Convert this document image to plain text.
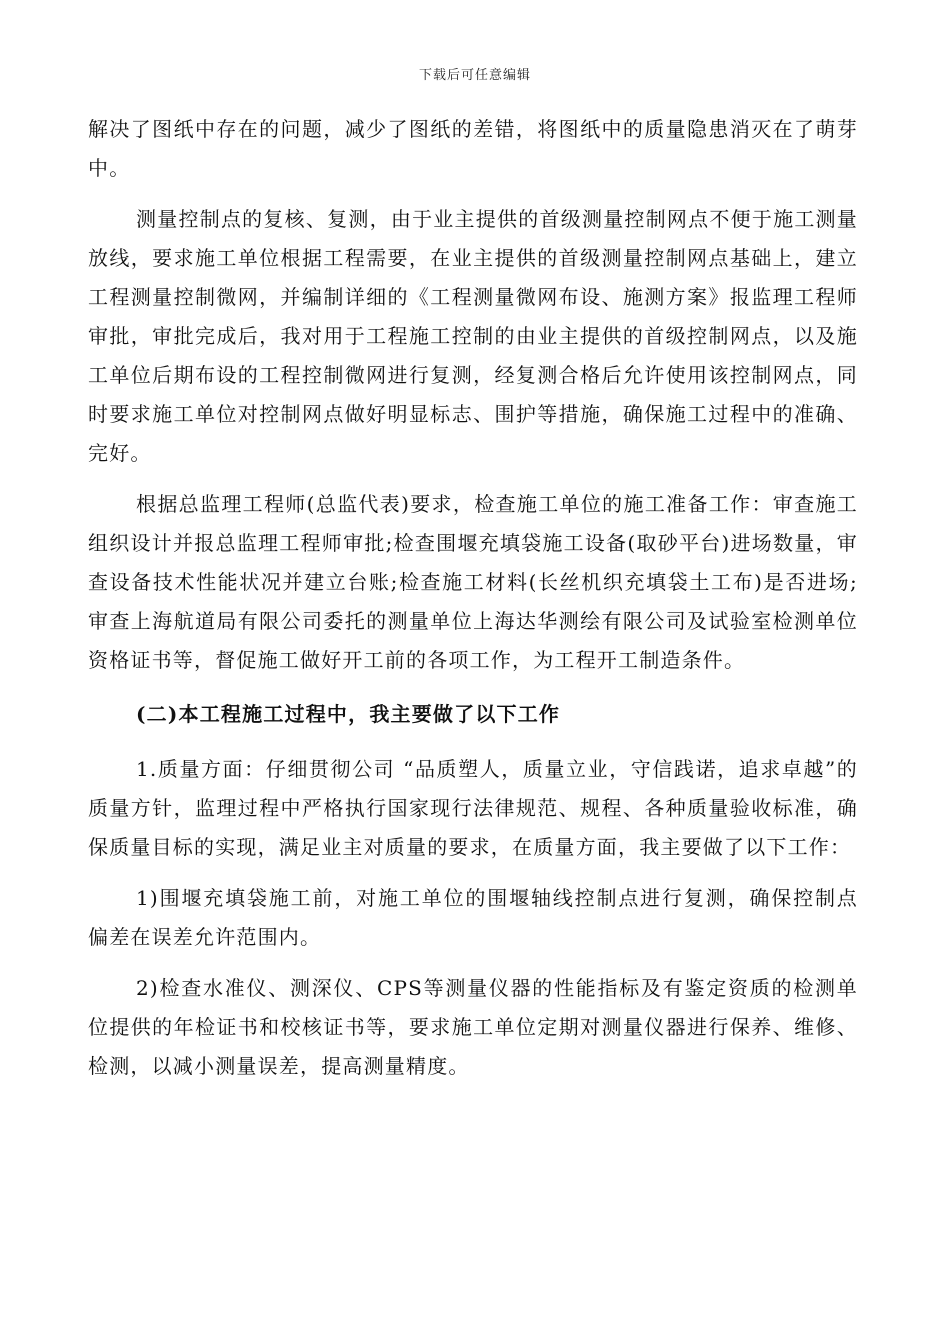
下载后可任意编辑

解决了图纸中存在的问题，减少了图纸的差错，将图纸中的质量隐患消灭在了萌芽中。

测量控制点的复核、复测，由于业主提供的首级测量控制网点不便于施工测量放线，要求施工单位根据工程需要，在业主提供的首级测量控制网点基础上，建立工程测量控制微网，并编制详细的《工程测量微网布设、施测方案》报监理工程师审批，审批完成后，我对用于工程施工控制的由业主提供的首级控制网点，以及施工单位后期布设的工程控制微网进行复测，经复测合格后允许使用该控制网点，同时要求施工单位对控制网点做好明显标志、围护等措施，确保施工过程中的准确、完好。

根据总监理工程师(总监代表)要求，检查施工单位的施工准备工作：审查施工组织设计并报总监理工程师审批;检查围堰充填袋施工设备(取砂平台)进场数量，审查设备技术性能状况并建立台账;检查施工材料(长丝机织充填袋土工布)是否进场;审查上海航道局有限公司委托的测量单位上海达华测绘有限公司及试验室检测单位资格证书等，督促施工做好开工前的各项工作，为工程开工制造条件。

(二)本工程施工过程中，我主要做了以下工作

1.质量方面：仔细贯彻公司 “品质塑人，质量立业，守信践诺，追求卓越”的质量方针，监理过程中严格执行国家现行法律规范、规程、各种质量验收标准，确保质量目标的实现，满足业主对质量的要求，在质量方面，我主要做了以下工作：

1)围堰充填袋施工前，对施工单位的围堰轴线控制点进行复测，确保控制点偏差在误差允许范围内。

2)检查水准仪、测深仪、CPS等测量仪器的性能指标及有鉴定资质的检测单位提供的年检证书和校核证书等，要求施工单位定期对测量仪器进行保养、维修、检测，以减小测量误差，提高测量精度。
